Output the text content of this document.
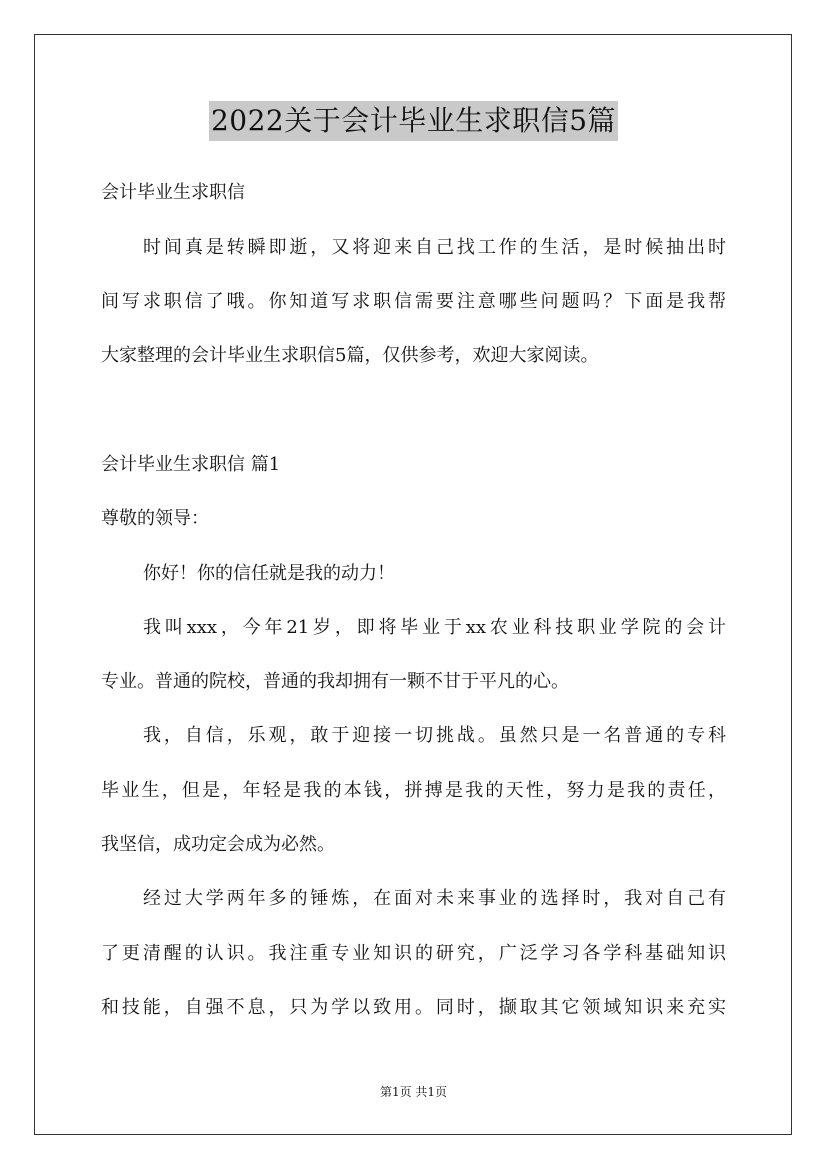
2022关于会计毕业生求职信5篇
会计毕业生求职信
时间真是转瞬即逝，又将迎来自己找工作的生活，是时候抽出时
间写求职信了哦。你知道写求职信需要注意哪些问题吗？下面是我帮
大家整理的会计毕业生求职信5篇，仅供参考，欢迎大家阅读。
会计毕业生求职信 篇1
尊敬的领导：
你好！你的信任就是我的动力！
我叫xxx，今年21岁，即将毕业于xx农业科技职业学院的会计
专业。普通的院校，普通的我却拥有一颗不甘于平凡的心。
我，自信，乐观，敢于迎接一切挑战。虽然只是一名普通的专科
毕业生，但是，年轻是我的本钱，拼搏是我的天性，努力是我的责任，
我坚信，成功定会成为必然。
经过大学两年多的锤炼，在面对未来事业的选择时，我对自己有
了更清醒的认识。我注重专业知识的研究，广泛学习各学科基础知识
和技能，自强不息，只为学以致用。同时，撷取其它领域知识来充实
第1页 共1页
